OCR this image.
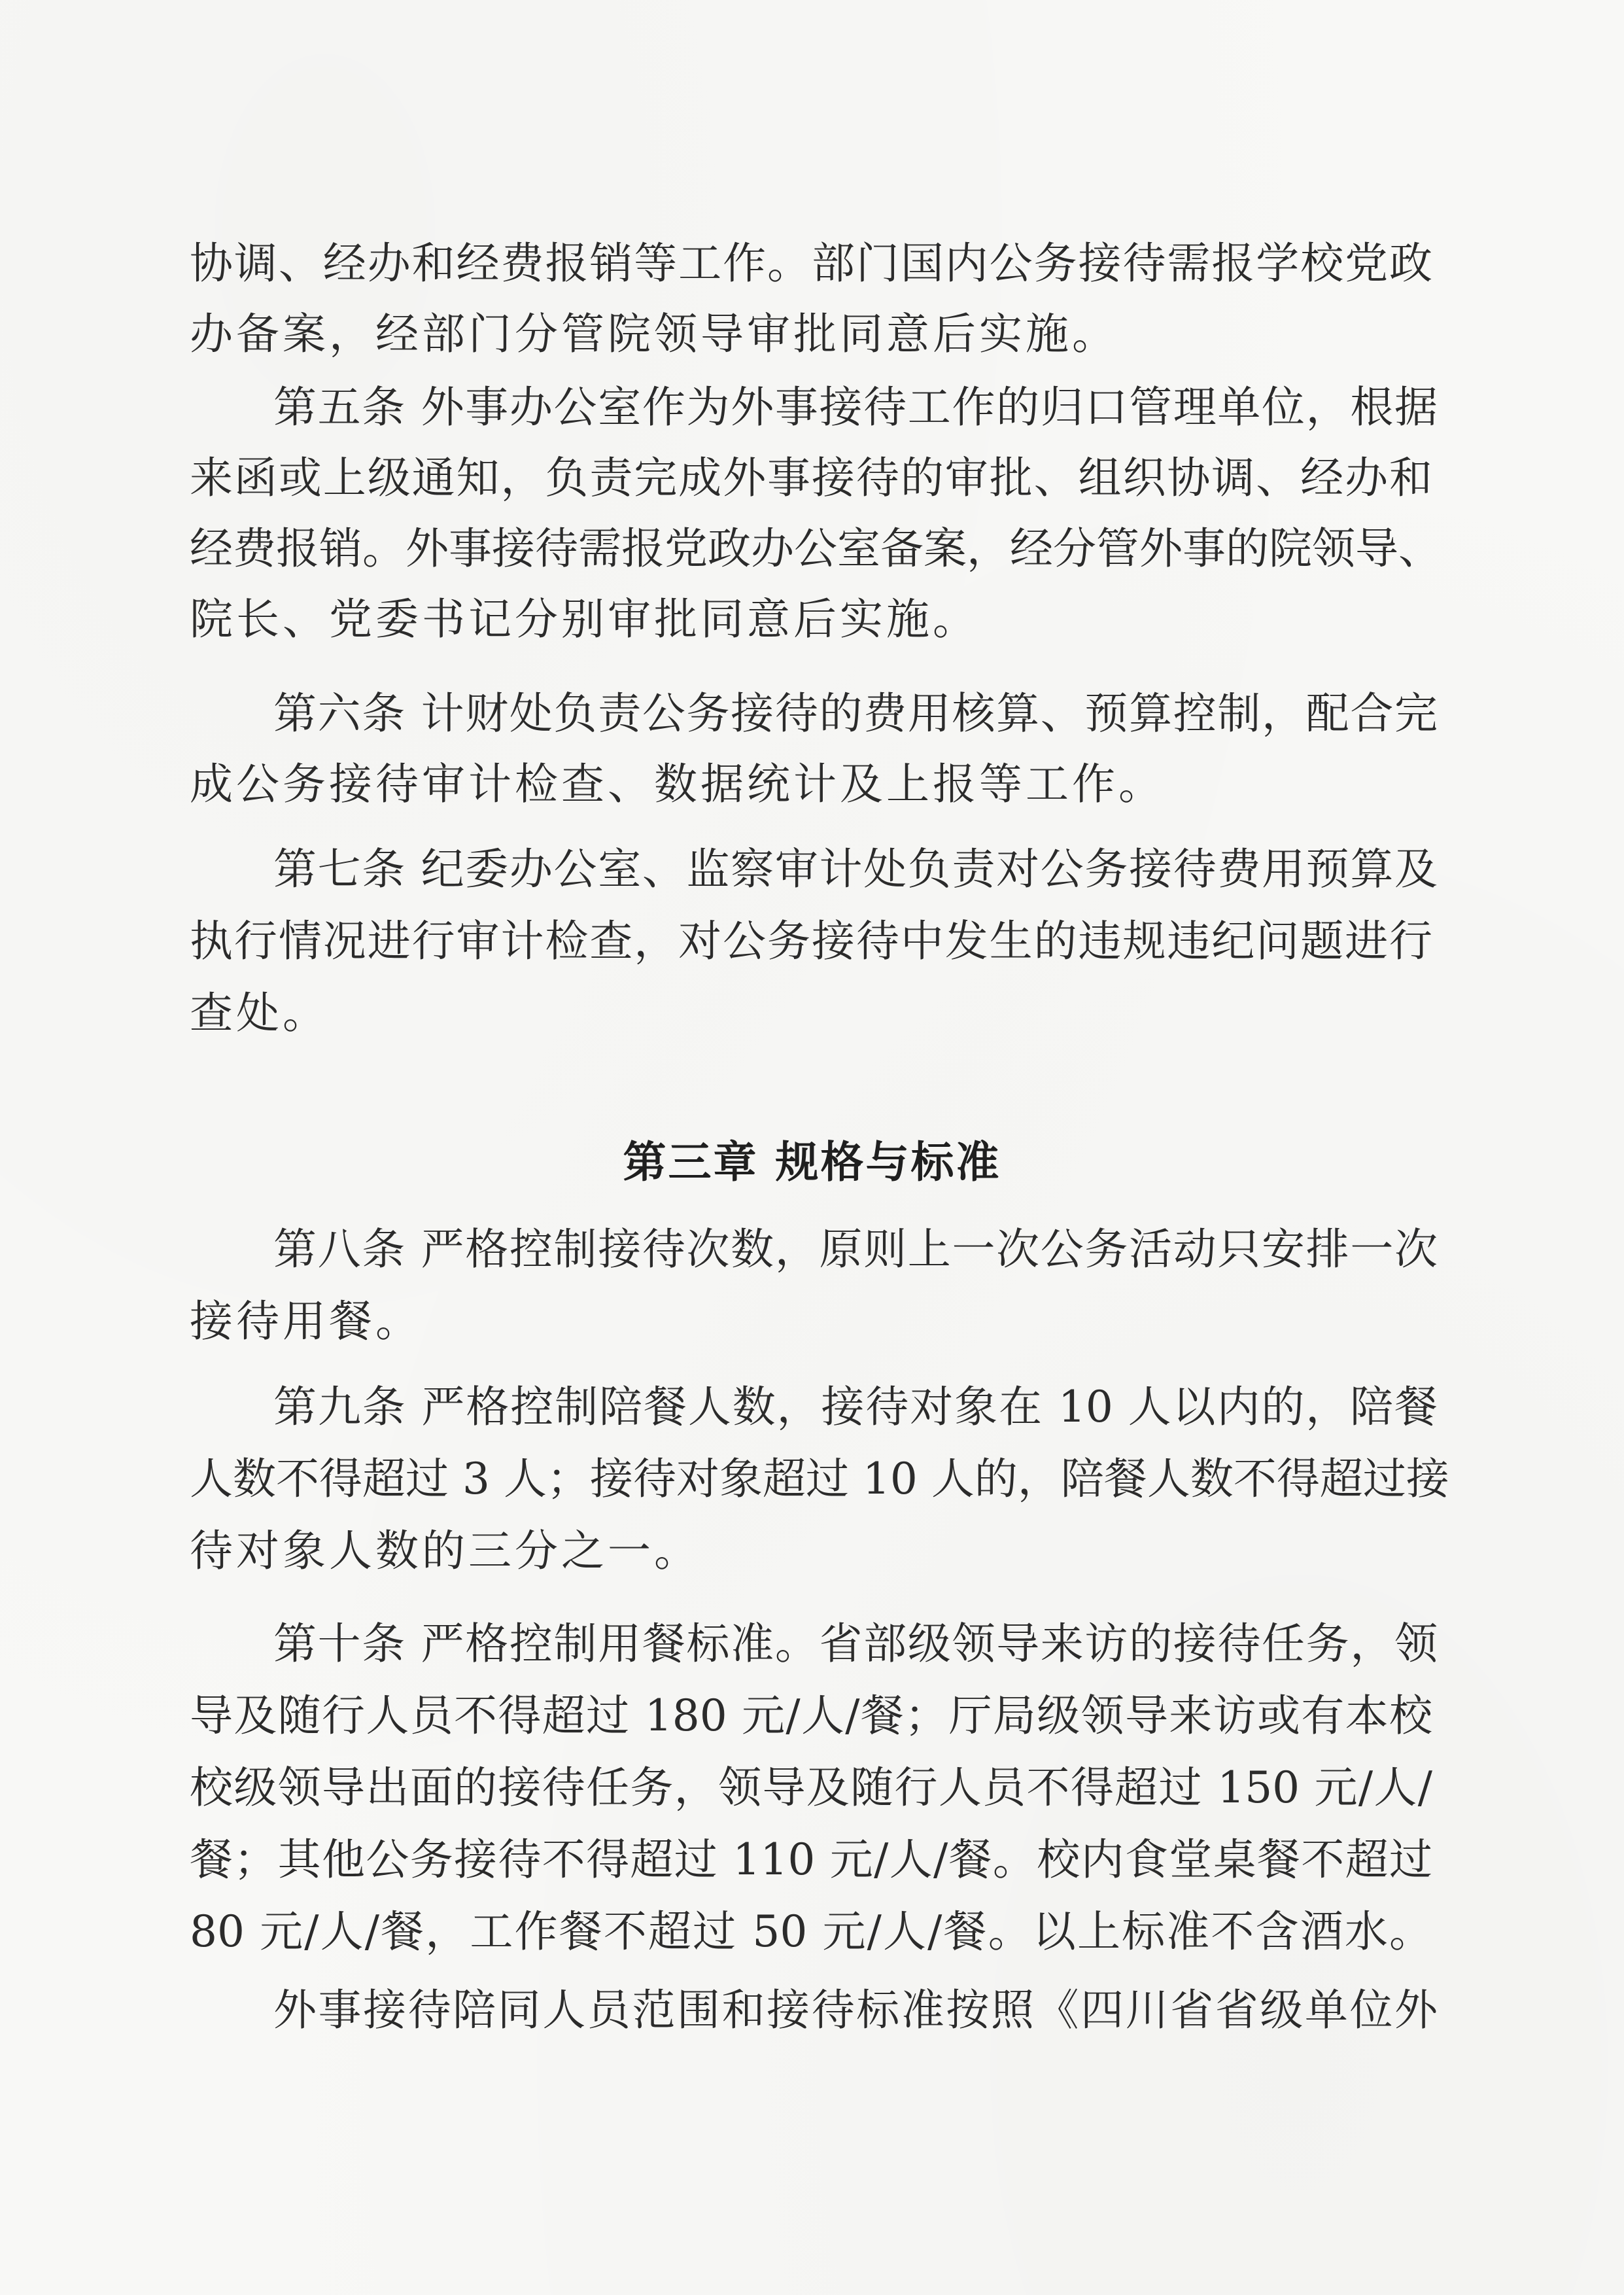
协调、经办和经费报销等工作。部门国内公务接待需报学校党政
办备案，经部门分管院领导审批同意后实施。
第五条 外事办公室作为外事接待工作的归口管理单位，根据
来函或上级通知，负责完成外事接待的审批、组织协调、经办和
经费报销。外事接待需报党政办公室备案，经分管外事的院领导、
院长、党委书记分别审批同意后实施。
第六条 计财处负责公务接待的费用核算、预算控制，配合完
成公务接待审计检查、数据统计及上报等工作。
第七条 纪委办公室、监察审计处负责对公务接待费用预算及
执行情况进行审计检查，对公务接待中发生的违规违纪问题进行
查处。
第三章 规格与标准
第八条 严格控制接待次数，原则上一次公务活动只安排一次
接待用餐。
第九条 严格控制陪餐人数，接待对象在 10 人以内的，陪餐
人数不得超过 3 人；接待对象超过 10 人的，陪餐人数不得超过接
待对象人数的三分之一。
第十条 严格控制用餐标准。省部级领导来访的接待任务，领
导及随行人员不得超过 180 元/人/餐；厅局级领导来访或有本校
校级领导出面的接待任务，领导及随行人员不得超过 150 元/人/
餐；其他公务接待不得超过 110 元/人/餐。校内食堂桌餐不超过
80 元/人/餐，工作餐不超过 50 元/人/餐。以上标准不含酒水。
外事接待陪同人员范围和接待标准按照《四川省省级单位外
